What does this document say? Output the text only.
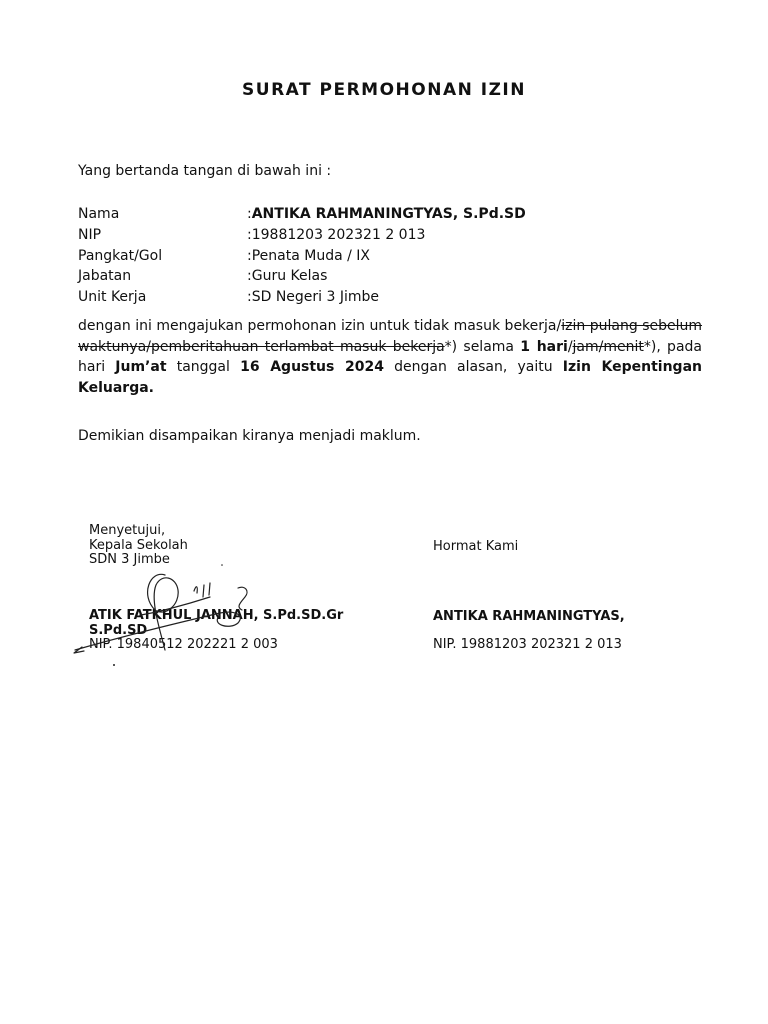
SURAT PERMOHONAN IZIN
Yang bertanda tangan di bawah ini :
Nama	: ANTIKA RAHMANINGTYAS, S.Pd.SD
NIP	: 19881203 202321 2 013
Pangkat/Gol	: Penata Muda / IX
Jabatan	: Guru Kelas
Unit Kerja	: SD Negeri 3 Jimbe
dengan ini mengajukan permohonan izin untuk tidak masuk bekerja/izin pulang sebelum waktunya/pemberitahuan terlambat masuk bekerja*) selama 1 hari/jam/menit*), pada hari Jum’at tanggal 16 Agustus 2024 dengan alasan, yaitu Izin Kepentingan Keluarga.
Demikian disampaikan kiranya menjadi maklum.
Menyetujui,
Kepala Sekolah
SDN 3 Jimbe
Hormat Kami
ATIK FATKHUL JANNAH, S.Pd.SD.Gr S.Pd.SD
ANTIKA RAHMANINGTYAS,
NIP. 19840512 202221 2 003	NIP. 19881203 202321 2 013
